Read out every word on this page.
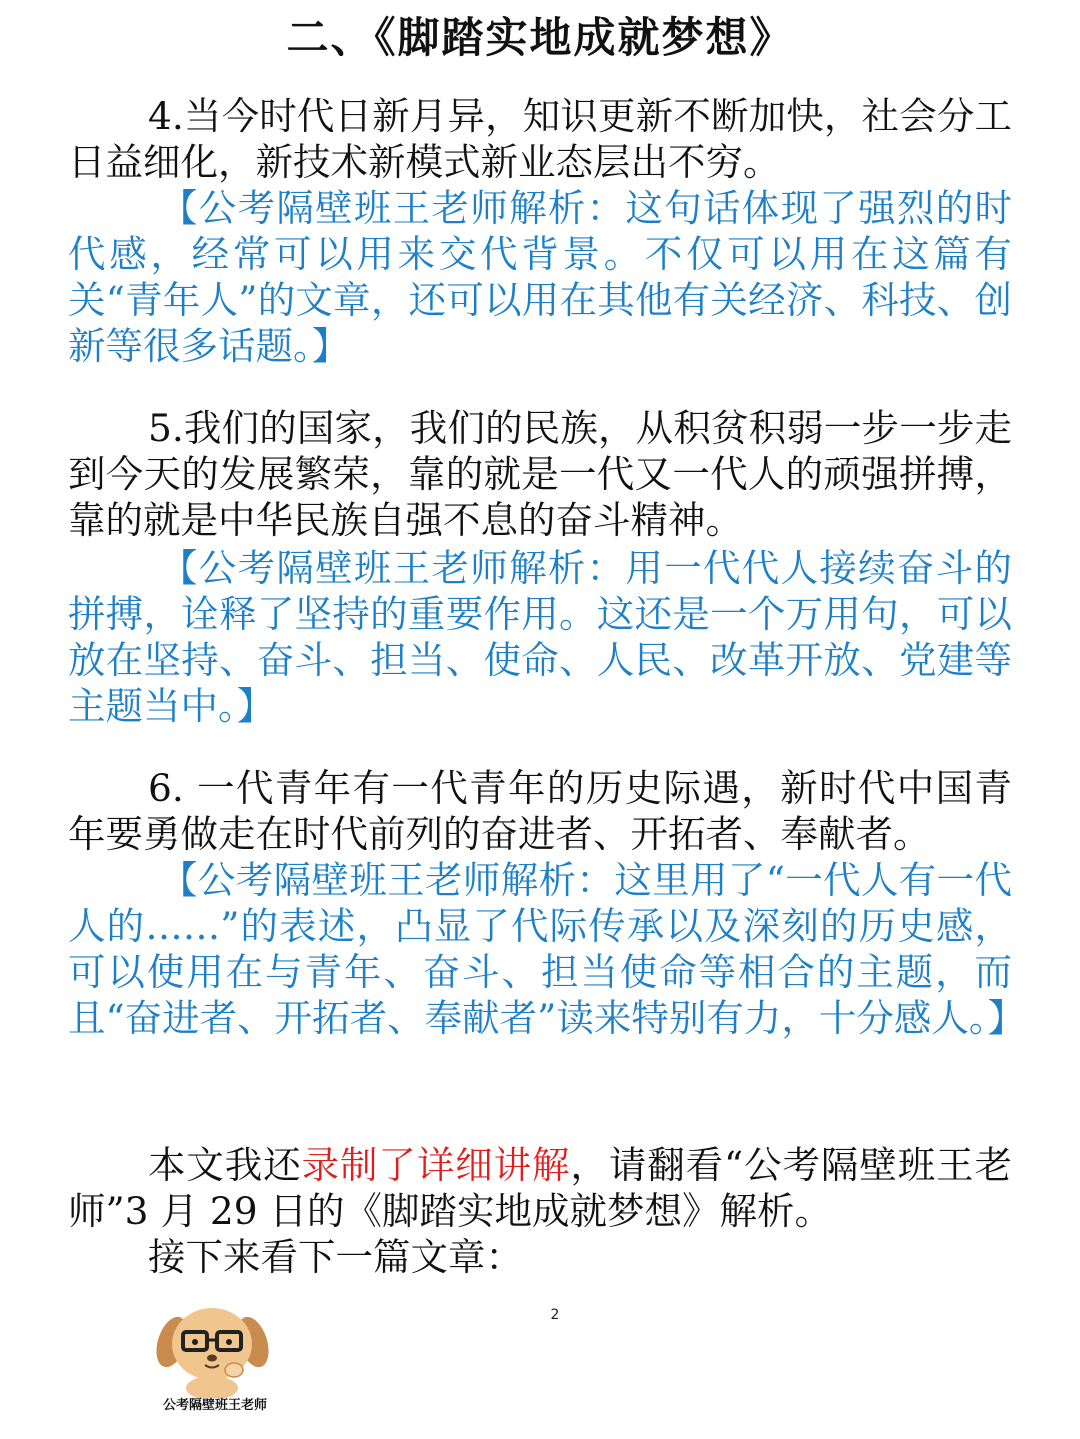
二、《脚踏实地成就梦想》

4.当今时代日新月异，知识更新不断加快，社会分工日益细化，新技术新模式新业态层出不穷。

【公考隔壁班王老师解析：这句话体现了强烈的时代感，经常可以用来交代背景。不仅可以用在这篇有关“青年人”的文章，还可以用在其他有关经济、科技、创新等很多话题。】

5.我们的国家，我们的民族，从积贫积弱一步一步走到今天的发展繁荣，靠的就是一代又一代人的顽强拼搏，靠的就是中华民族自强不息的奋斗精神。

【公考隔壁班王老师解析：用一代代人接续奋斗的拼搏，诠释了坚持的重要作用。这还是一个万用句，可以放在坚持、奋斗、担当、使命、人民、改革开放、党建等主题当中。】

6. 一代青年有一代青年的历史际遇，新时代中国青年要勇做走在时代前列的奋进者、开拓者、奉献者。

【公考隔壁班王老师解析：这里用了“一代人有一代人的……”的表述，凸显了代际传承以及深刻的历史感，可以使用在与青年、奋斗、担当使命等相合的主题，而且“奋进者、开拓者、奉献者”读来特别有力，十分感人。】

本文我还录制了详细讲解，请翻看“公考隔壁班王老师”3 月 29 日的《脚踏实地成就梦想》解析。

接下来看下一篇文章：

2
公考隔壁班王老师
